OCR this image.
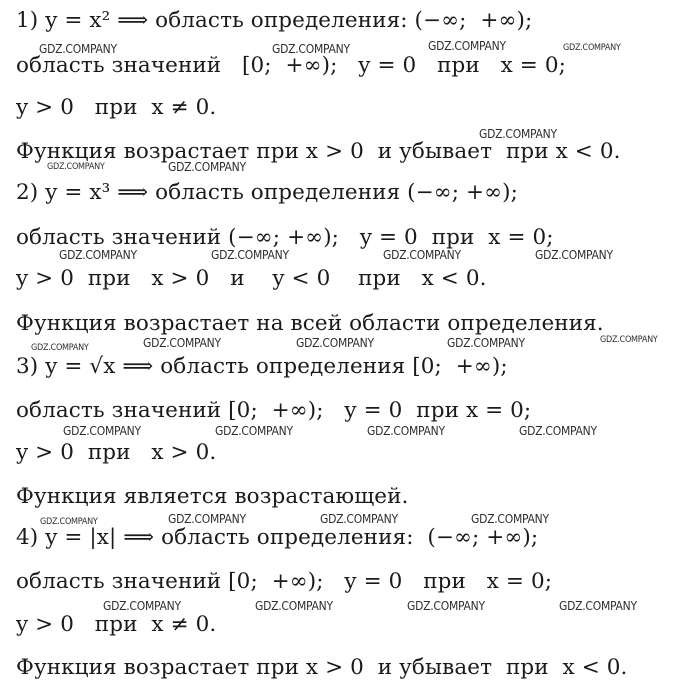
1) y = x² ⟹ область определения: (−∞;  +∞);
область значений   [0;  +∞);   y = 0   при   x = 0;
y > 0   при  x ≠ 0.
Функция возрастает при x > 0  и убывает  при x < 0.
2) y = x³ ⟹ область определения (−∞; +∞);
область значений (−∞; +∞);   y = 0  при  x = 0;
y > 0  при   x > 0   и    y < 0    при   x < 0.
Функция возрастает на всей области определения.
3) y = √x ⟹ область определения [0;  +∞);
область значений [0;  +∞);   y = 0  при x = 0;
y > 0  при   x > 0.
Функция является возрастающей.
4) y = |x| ⟹ область определения:  (−∞; +∞);
область значений [0;  +∞);   y = 0   при   x = 0;
y > 0   при  x ≠ 0.
Функция возрастает при x > 0  и убывает  при  x < 0.
GDZ.COMPANY	GDZ.COMPANY	GDZ.COMPANY	GDZ.COMPANY
GDZ.COMPANY
GDZ.COMPANY	GDZ.COMPANY
GDZ.COMPANY	GDZ.COMPANY	GDZ.COMPANY	GDZ.COMPANY
GDZ.COMPANY	GDZ.COMPANY	GDZ.COMPANY	GDZ.COMPANY	GDZ.COMPANY
GDZ.COMPANY	GDZ.COMPANY	GDZ.COMPANY	GDZ.COMPANY
GDZ.COMPANY	GDZ.COMPANY	GDZ.COMPANY	GDZ.COMPANY
GDZ.COMPANY	GDZ.COMPANY	GDZ.COMPANY	GDZ.COMPANY
